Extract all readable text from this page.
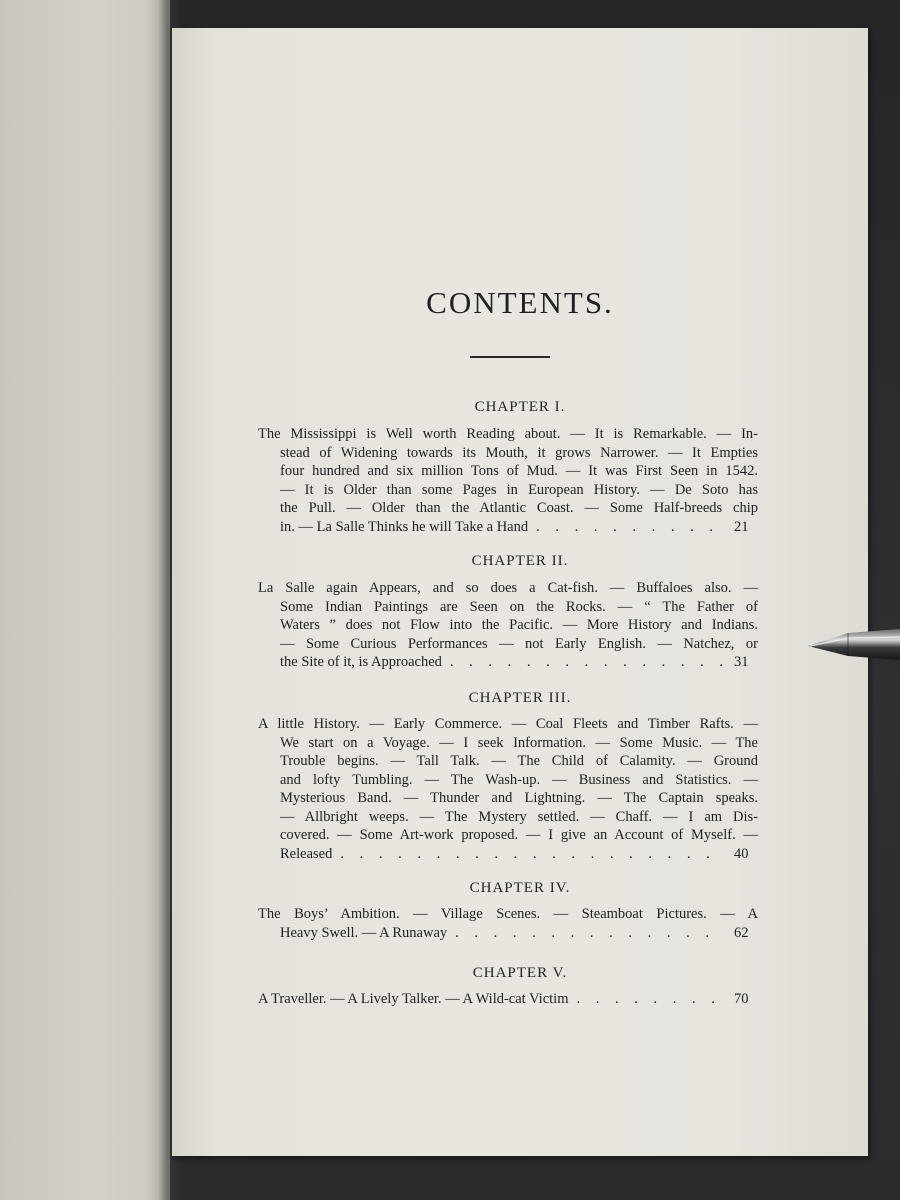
CONTENTS.
CHAPTER I.
The Mississippi is Well worth Reading about. — It is Remarkable. — In-
stead of Widening towards its Mouth, it grows Narrower. — It Empties
four hundred and six million Tons of Mud. — It was First Seen in 1542.
— It is Older than some Pages in European History. — De Soto has
the Pull. — Older than the Atlantic Coast. — Some Half-breeds chip
in. — La Salle Thinks he will Take a Hand . . .	21
CHAPTER II.
La Salle again Appears, and so does a Cat-fish. — Buffaloes also. —
Some Indian Paintings are Seen on the Rocks. — “ The Father of
Waters ” does not Flow into the Pacific. — More History and Indians.
— Some Curious Performances — not Early English. — Natchez, or
the Site of it, is Approached . . .	31
CHAPTER III.
A little History. — Early Commerce. — Coal Fleets and Timber Rafts. —
We start on a Voyage. — I seek Information. — Some Music. — The
Trouble begins. — Tall Talk. — The Child of Calamity. — Ground
and lofty Tumbling. — The Wash-up. — Business and Statistics. —
Mysterious Band. — Thunder and Lightning. — The Captain speaks.
— Allbright weeps. — The Mystery settled. — Chaff. — I am Dis-
covered. — Some Art-work proposed. — I give an Account of Myself. —
Released . . .	40
CHAPTER IV.
The Boys’ Ambition. — Village Scenes. — Steamboat Pictures. — A
Heavy Swell. — A Runaway . . .	62
CHAPTER V.
A Traveller. — A Lively Talker. — A Wild-cat Victim . . .	70
